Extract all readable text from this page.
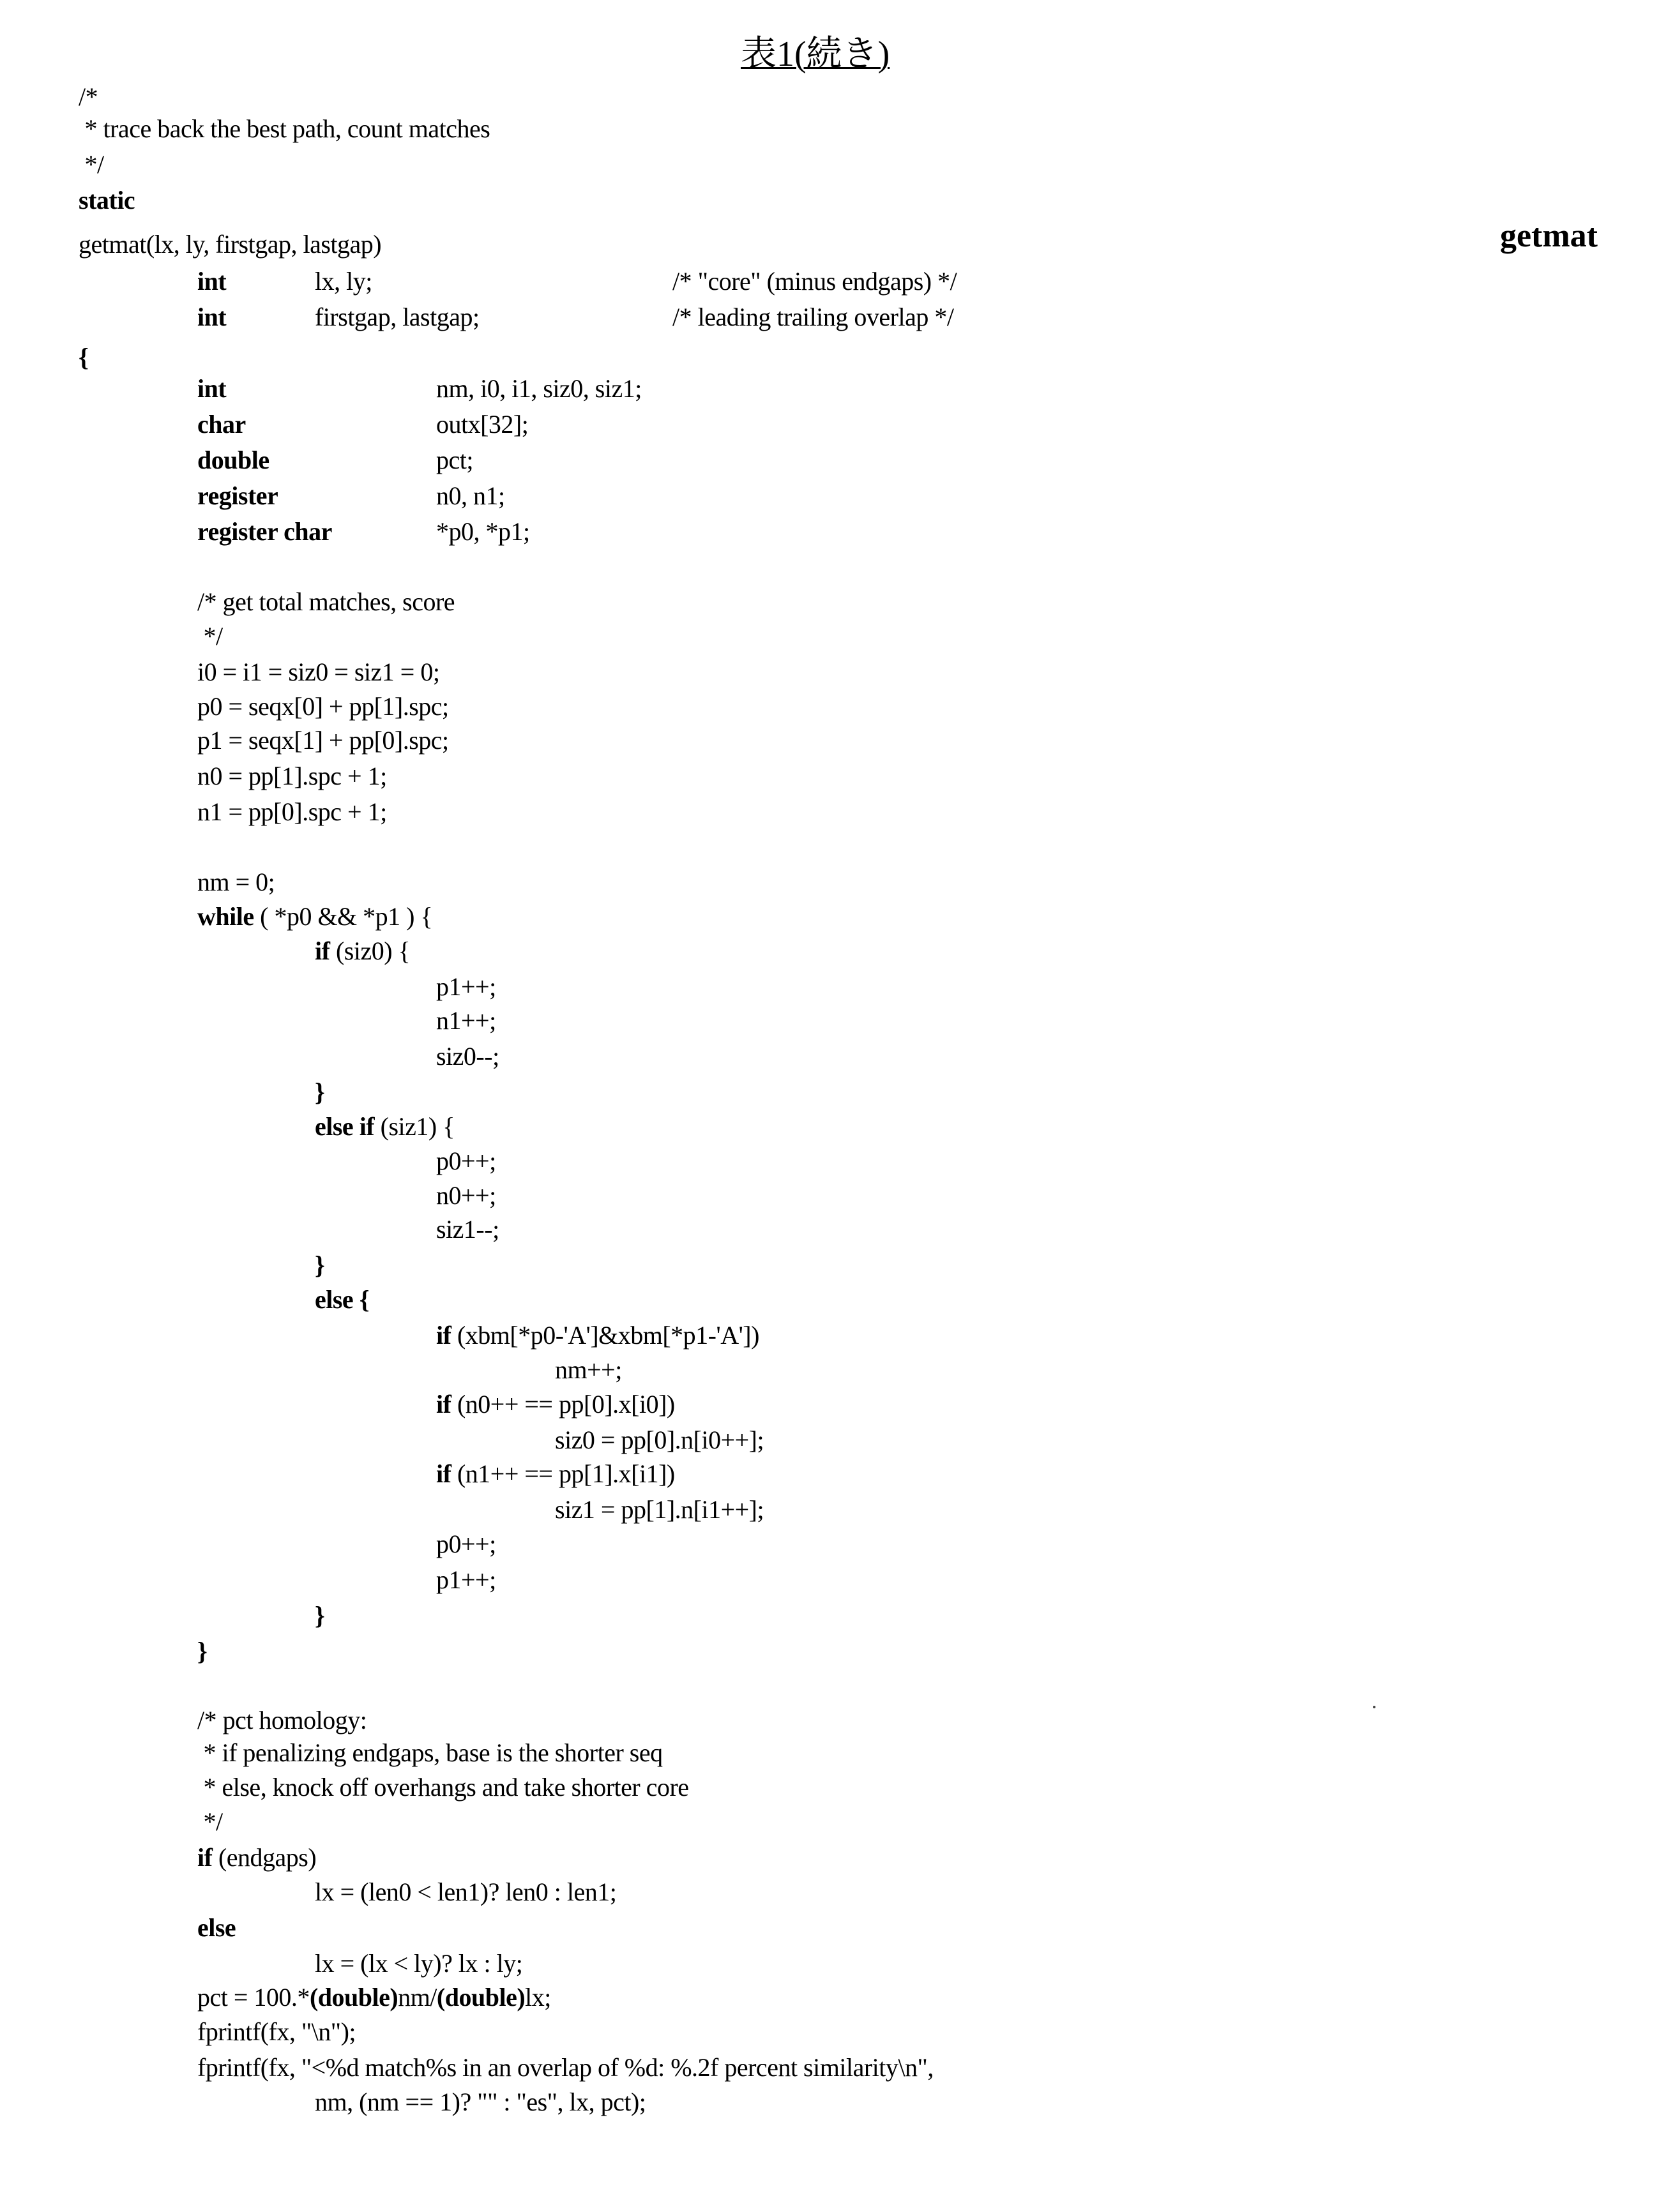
表1(続き)
getmat
/*
* trace back the best path, count matches
*/
static
getmat(lx, ly, firstgap, lastgap)
int	lx, ly;	/* "core" (minus endgaps) */
int	firstgap, lastgap;	/* leading trailing overlap */
{
int	nm, i0, i1, siz0, siz1;
char	outx[32];
double	pct;
register	n0, n1;
register char	*p0, *p1;
/* get total matches, score
*/
i0 = i1 = siz0 = siz1 = 0;
p0 = seqx[0] + pp[1].spc;
p1 = seqx[1] + pp[0].spc;
n0 = pp[1].spc + 1;
n1 = pp[0].spc + 1;
nm = 0;
while ( *p0 && *p1 ) {
if (siz0) {
p1++;
n1++;
siz0--;
}
else if (siz1) {
p0++;
n0++;
siz1--;
}
else {
if (xbm[*p0-'A']&xbm[*p1-'A'])
nm++;
if (n0++ == pp[0].x[i0])
siz0 = pp[0].n[i0++];
if (n1++ == pp[1].x[i1])
siz1 = pp[1].n[i1++];
p0++;
p1++;
}
}
/* pct homology:
* if penalizing endgaps, base is the shorter seq
* else, knock off overhangs and take shorter core
*/
if (endgaps)
lx = (len0 < len1)? len0 : len1;
else
lx = (lx < ly)? lx : ly;
pct = 100.*(double)nm/(double)lx;
fprintf(fx, "\n");
fprintf(fx, "<%d match%s in an overlap of %d: %.2f percent similarity\n",
nm, (nm == 1)? "" : "es", lx, pct);
